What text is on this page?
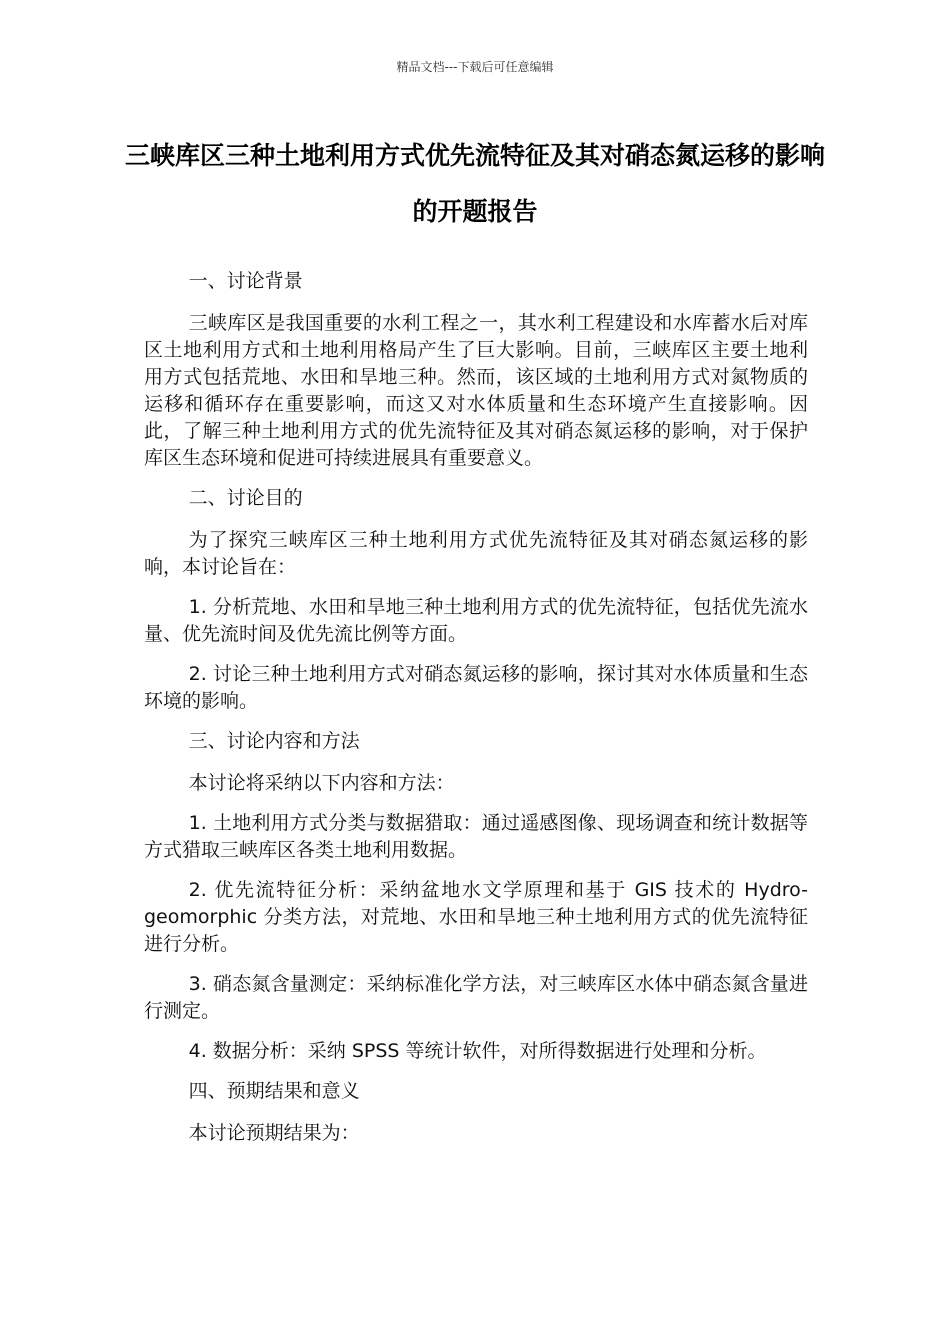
精品文档---下载后可任意编辑
三峡库区三种土地利用方式优先流特征及其对硝态氮运移的影响的开题报告

一、讨论背景

三峡库区是我国重要的水利工程之一，其水利工程建设和水库蓄水后对库区土地利用方式和土地利用格局产生了巨大影响。目前，三峡库区主要土地利用方式包括荒地、水田和旱地三种。然而，该区域的土地利用方式对氮物质的运移和循环存在重要影响，而这又对水体质量和生态环境产生直接影响。因此，了解三种土地利用方式的优先流特征及其对硝态氮运移的影响，对于保护库区生态环境和促进可持续进展具有重要意义。

二、讨论目的

为了探究三峡库区三种土地利用方式优先流特征及其对硝态氮运移的影响，本讨论旨在：

1. 分析荒地、水田和旱地三种土地利用方式的优先流特征，包括优先流水量、优先流时间及优先流比例等方面。

2. 讨论三种土地利用方式对硝态氮运移的影响，探讨其对水体质量和生态环境的影响。

三、讨论内容和方法

本讨论将采纳以下内容和方法：

1. 土地利用方式分类与数据猎取：通过遥感图像、现场调查和统计数据等方式猎取三峡库区各类土地利用数据。

2. 优先流特征分析：采纳盆地水文学原理和基于 GIS 技术的 Hydro-geomorphic 分类方法，对荒地、水田和旱地三种土地利用方式的优先流特征进行分析。

3. 硝态氮含量测定：采纳标准化学方法，对三峡库区水体中硝态氮含量进行测定。

4. 数据分析：采纳 SPSS 等统计软件，对所得数据进行处理和分析。

四、预期结果和意义

本讨论预期结果为：
